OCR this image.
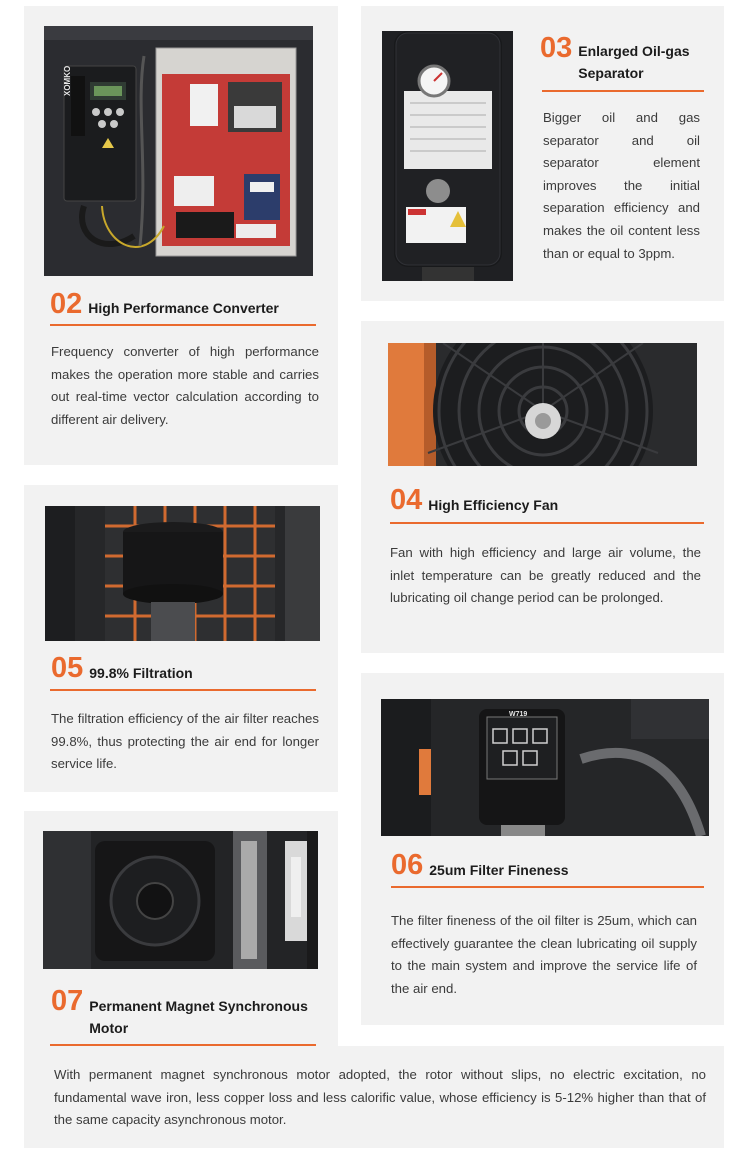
XOMKO
02 High Performance Converter
Frequency converter of high performance makes the operation more stable and carries out real-time vector calculation according to different air delivery.
03 Enlarged Oil-gas Separator
Bigger oil and gas separator and oil separator element improves the initial separation efficiency and makes the oil content less than or equal to 3ppm.
04 High Efficiency Fan
Fan with high efficiency and large air volume, the inlet temperature can be greatly reduced and the lubricating oil change period can be prolonged.
05 99.8% Filtration
The filtration efficiency of the air filter reaches 99.8%, thus protecting the air end for longer service life.
W719
06 25um Filter Fineness
The filter fineness of the oil filter is 25um, which can effectively guarantee the clean lubricating oil supply to the main system and improve the service life of the air end.
07 Permanent Magnet Synchronous
Motor
With permanent magnet synchronous motor adopted, the rotor without slips, no electric excitation, no fundamental wave iron, less copper loss and less calorific value, whose efficiency is 5-12% higher than that of the same capacity asynchronous motor.
